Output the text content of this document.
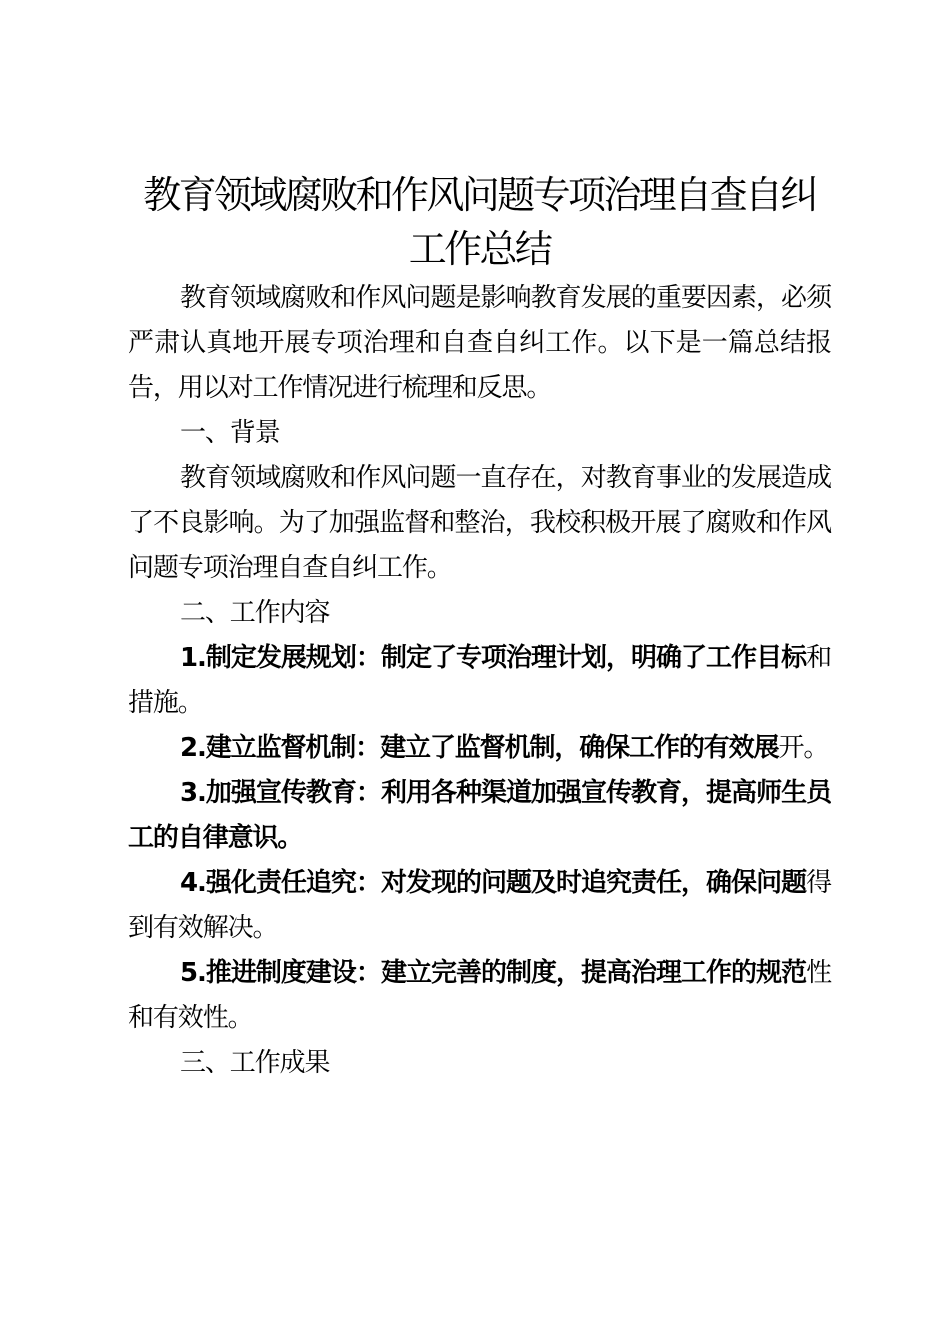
教育领域腐败和作风问题专项治理自查自纠工作总结

教育领域腐败和作风问题是影响教育发展的重要因素，必须严肃认真地开展专项治理和自查自纠工作。以下是一篇总结报告，用以对工作情况进行梳理和反思。

一、背景

教育领域腐败和作风问题一直存在，对教育事业的发展造成了不良影响。为了加强监督和整治，我校积极开展了腐败和作风问题专项治理自查自纠工作。

二、工作内容

1.制定发展规划：制定了专项治理计划，明确了工作目标和措施。

2.建立监督机制：建立了监督机制，确保工作的有效展开。

3.加强宣传教育：利用各种渠道加强宣传教育，提高师生员工的自律意识。

4.强化责任追究：对发现的问题及时追究责任，确保问题得到有效解决。

5.推进制度建设：建立完善的制度，提高治理工作的规范性和有效性。

三、工作成果
